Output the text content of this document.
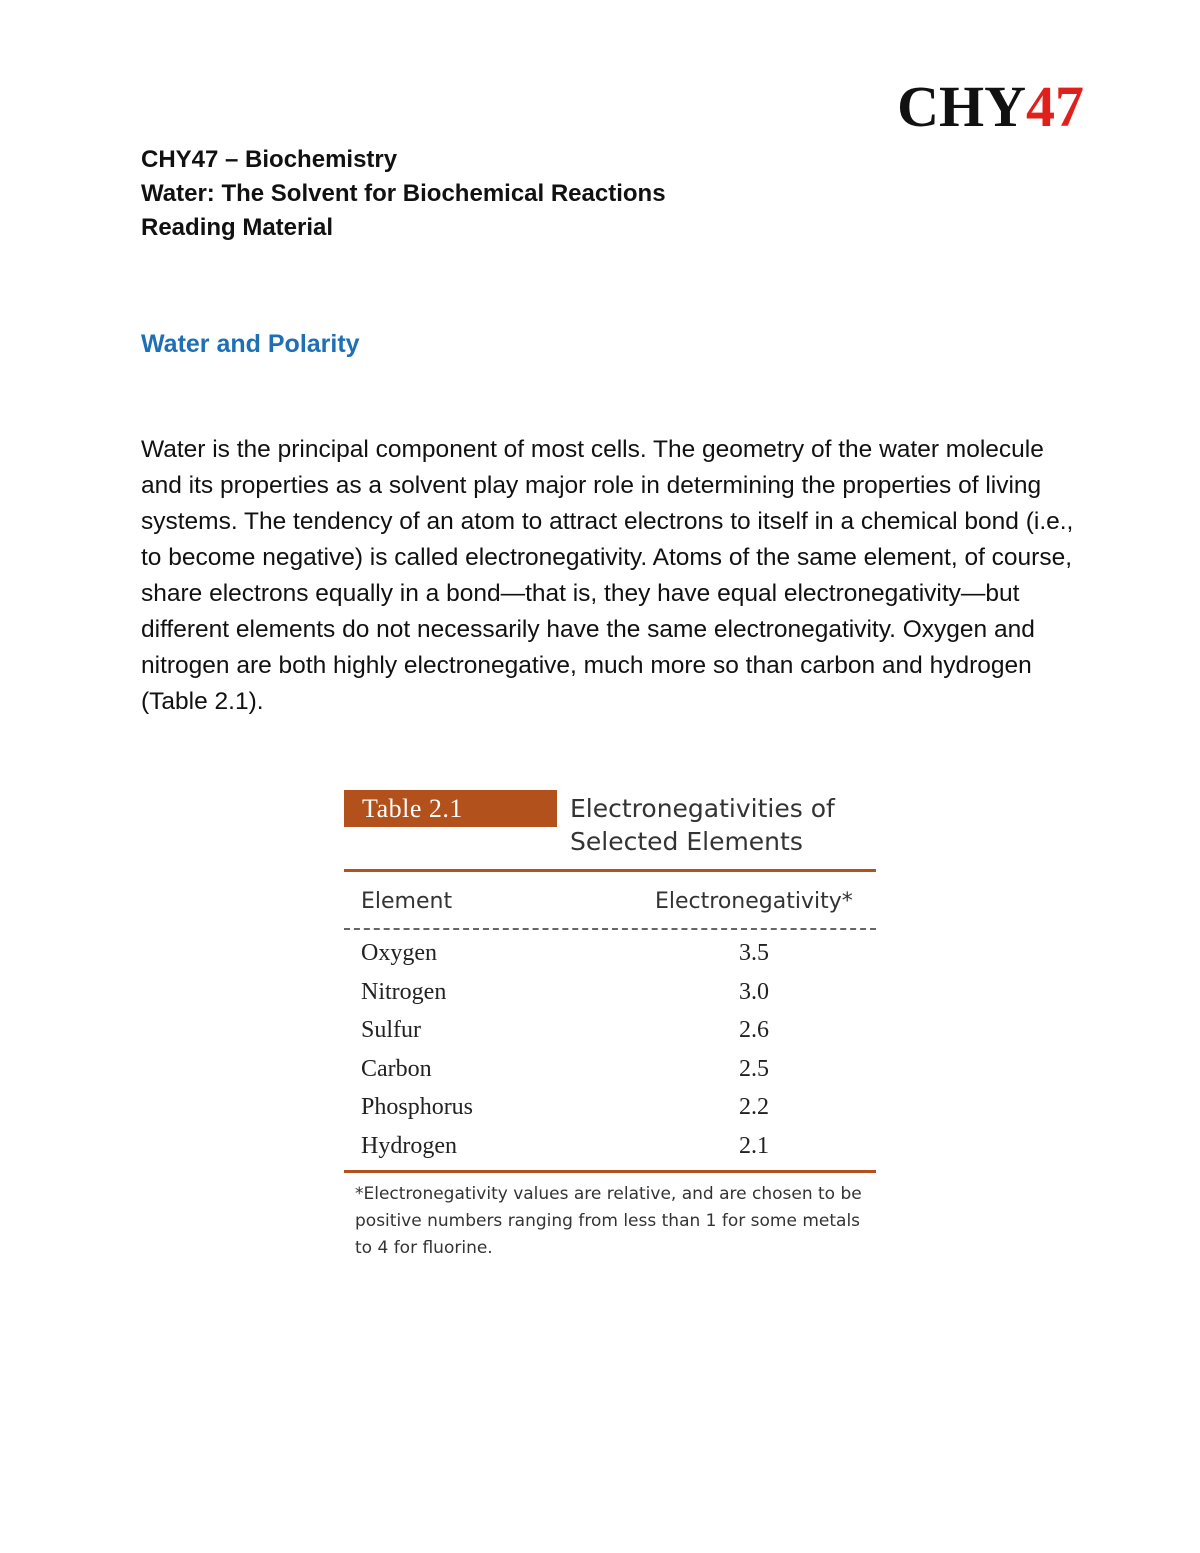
CHY47
CHY47 – Biochemistry
Water: The Solvent for Biochemical Reactions
Reading Material
Water and Polarity

Water is the principal component of most cells. The geometry of the water molecule and its properties as a solvent play major role in determining the properties of living systems. The tendency of an atom to attract electrons to itself in a chemical bond (i.e., to become negative) is called electronegativity. Atoms of the same element, of course, share electrons equally in a bond—that is, they have equal electronegativity—but different elements do not necessarily have the same electronegativity. Oxygen and nitrogen are both highly electronegative, much more so than carbon and hydrogen (Table 2.1).

Table 2.1	Electronegativities of
Selected Elements
Element	Electronegativity*
Oxygen	3.5
Nitrogen	3.0
Sulfur	2.6
Carbon	2.5
Phosphorus	2.2
Hydrogen	2.1

*Electronegativity values are relative, and are chosen to be positive numbers ranging from less than 1 for some metals to 4 for fluorine.
